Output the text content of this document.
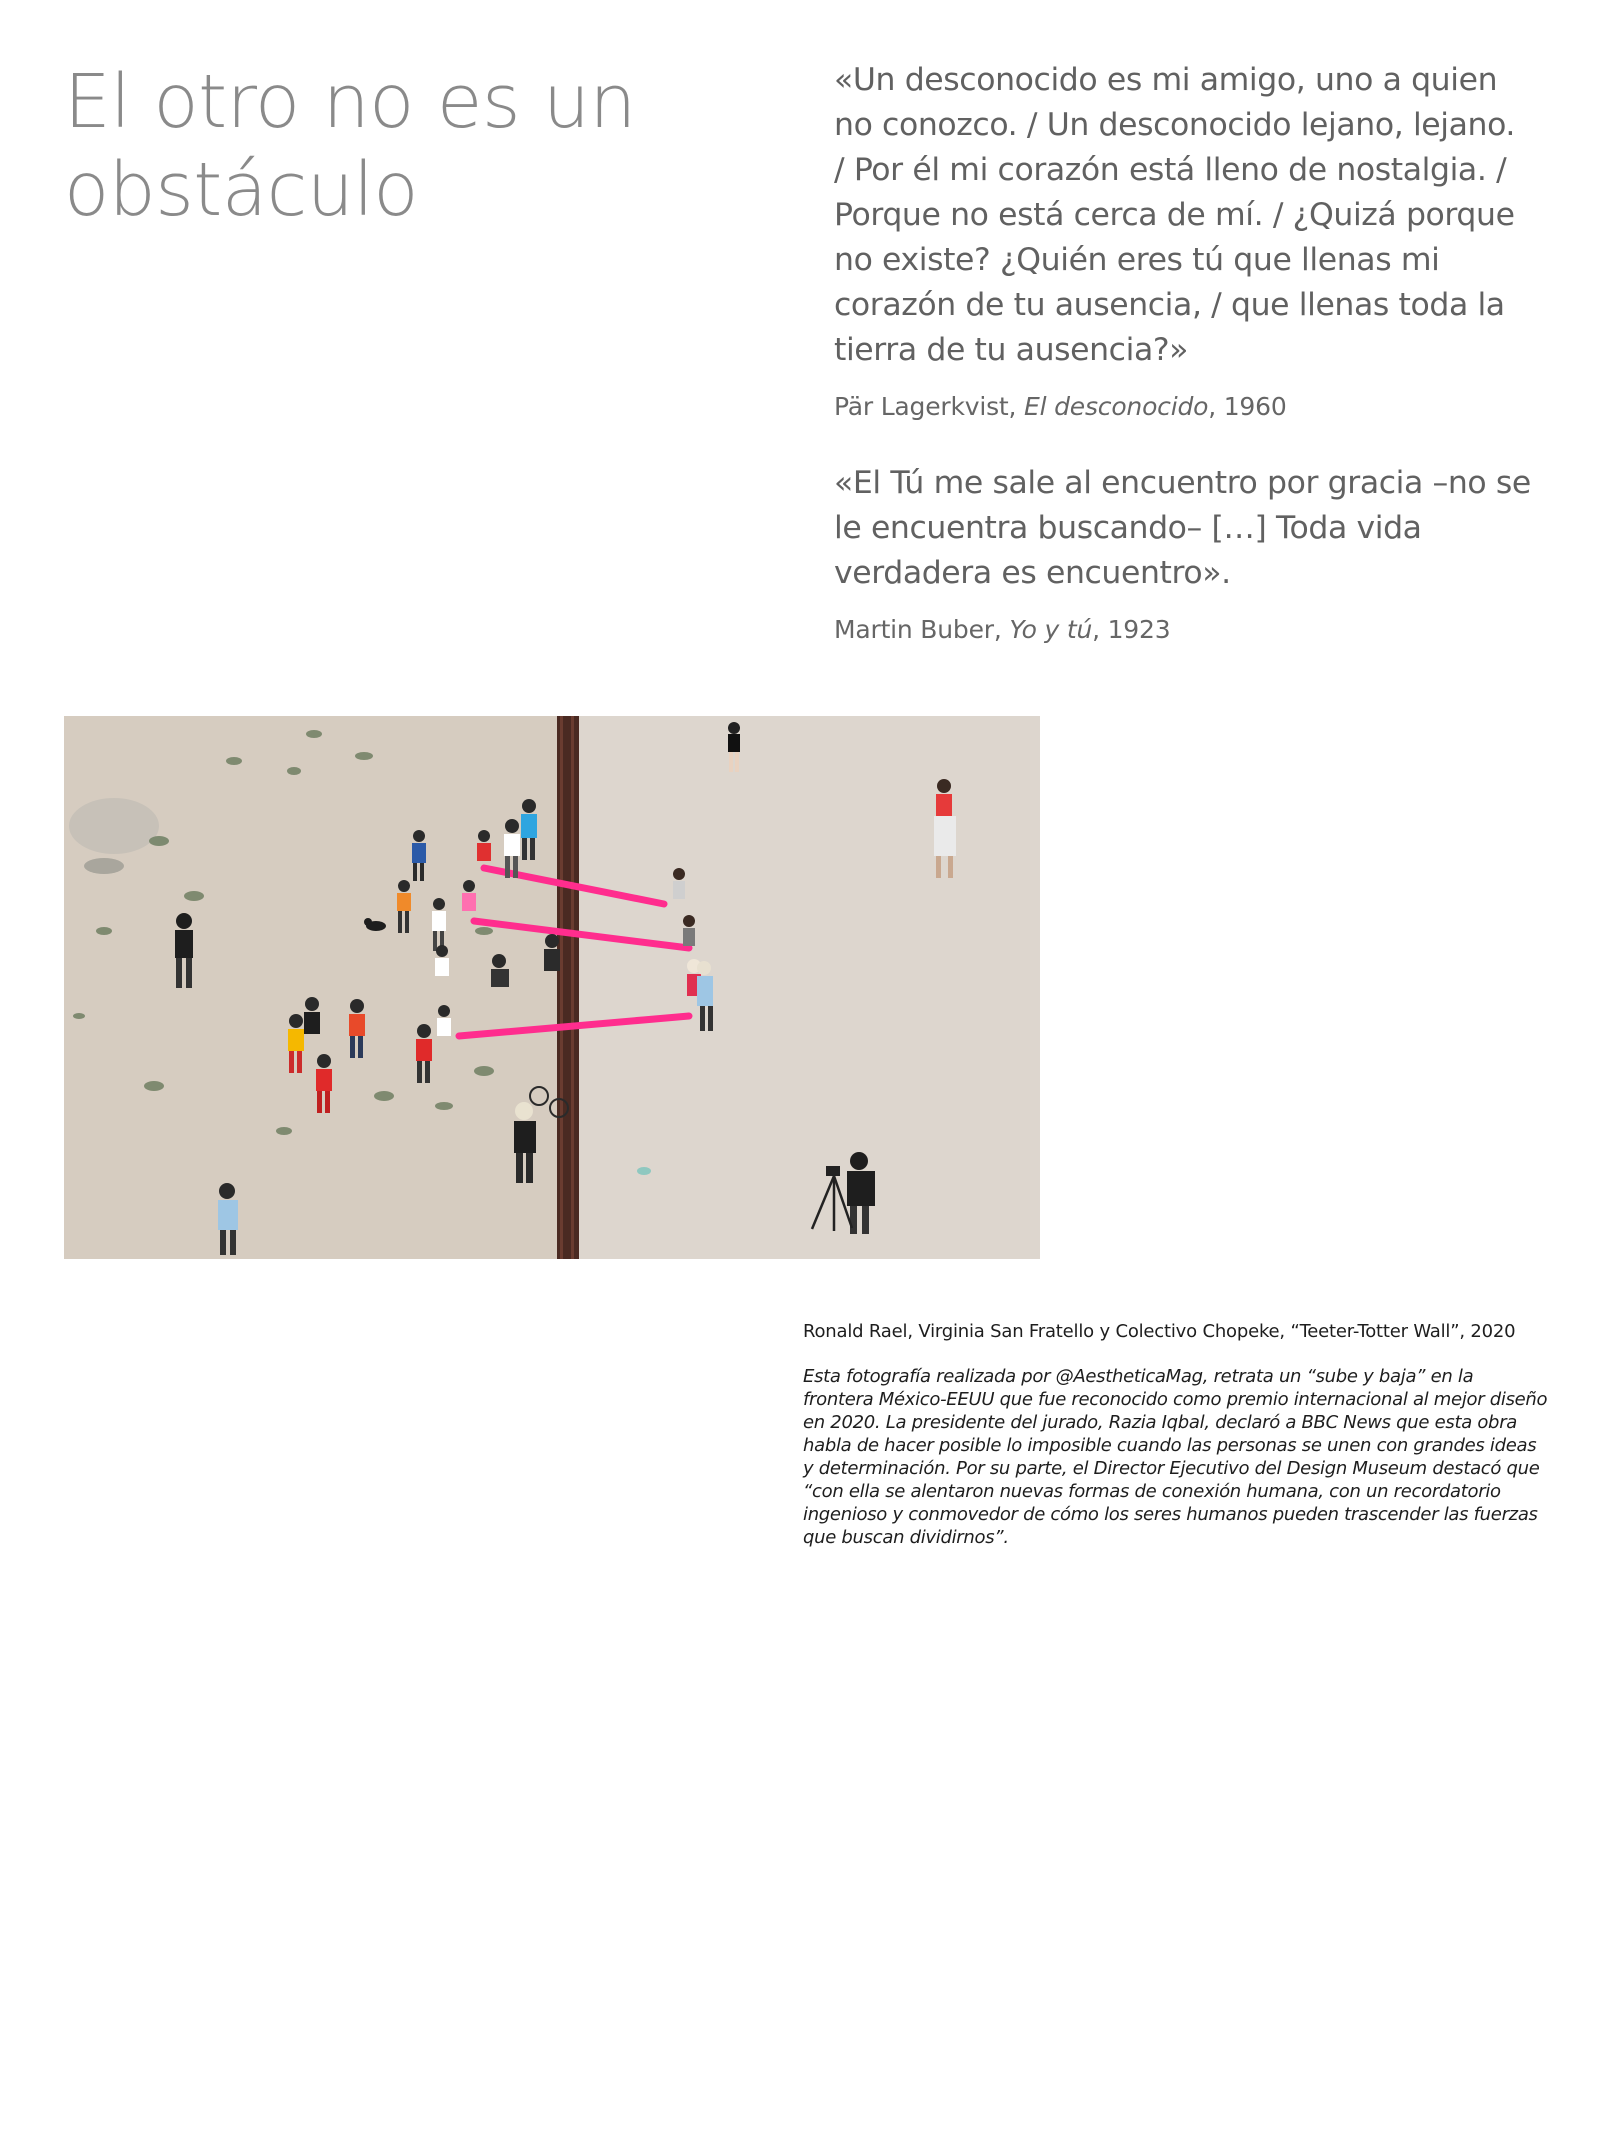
El otro no es un obstáculo

«Un desconocido es mi amigo, uno a quien no conozco. / Un desconocido lejano, lejano. / Por él mi corazón está lleno de nostalgia. / Porque no está cerca de mí. / ¿Quizá porque no existe? ¿Quién eres tú que llenas mi corazón de tu ausencia, / que llenas toda la tierra de tu ausencia?»

Pär Lagerkvist, El desconocido, 1960

«El Tú me sale al encuentro por gracia –no se le encuentra buscando– […] Toda vida verdadera es encuentro».

Martin Buber, Yo y tú, 1923

Ronald Rael, Virginia San Fratello y Colectivo Chopeke, “Teeter-Totter Wall”, 2020

Esta fotografía realizada por @AestheticaMag, retrata un “sube y baja” en la frontera México-EEUU que fue reconocido como premio internacional al mejor diseño en 2020. La presidente del jurado, Razia Iqbal, declaró a BBC News que esta obra habla de hacer posible lo imposible cuando las personas se unen con grandes ideas y determinación. Por su parte, el Director Ejecutivo del Design Museum destacó que “con ella se alentaron nuevas formas de conexión humana, con un recordatorio ingenioso y conmovedor de cómo los seres humanos pueden trascender las fuerzas que buscan dividirnos”.
